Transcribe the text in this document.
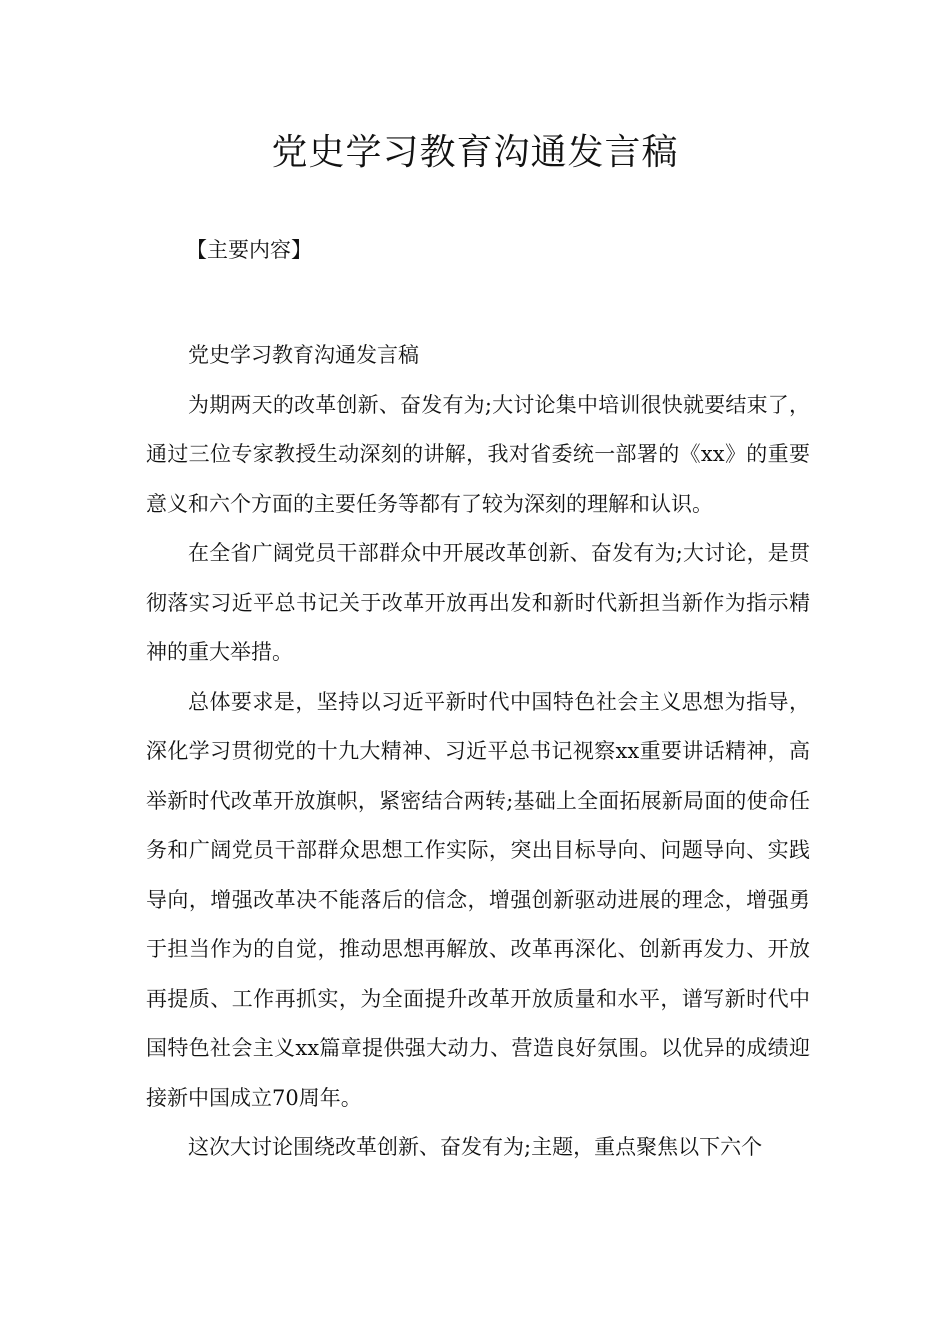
党史学习教育沟通发言稿

【主要内容】

党史学习教育沟通发言稿

为期两天的改革创新、奋发有为;大讨论集中培训很快就要结束了，通过三位专家教授生动深刻的讲解，我对省委统一部署的《xx》的重要意义和六个方面的主要任务等都有了较为深刻的理解和认识。

在全省广阔党员干部群众中开展改革创新、奋发有为;大讨论，是贯彻落实习近平总书记关于改革开放再出发和新时代新担当新作为指示精神的重大举措。

总体要求是，坚持以习近平新时代中国特色社会主义思想为指导，深化学习贯彻党的十九大精神、习近平总书记视察xx重要讲话精神，高举新时代改革开放旗帜，紧密结合两转;基础上全面拓展新局面的使命任务和广阔党员干部群众思想工作实际，突出目标导向、问题导向、实践导向，增强改革决不能落后的信念，增强创新驱动进展的理念，增强勇于担当作为的自觉，推动思想再解放、改革再深化、创新再发力、开放再提质、工作再抓实，为全面提升改革开放质量和水平，谱写新时代中国特色社会主义xx篇章提供强大动力、营造良好氛围。以优异的成绩迎接新中国成立70周年。

这次大讨论围绕改革创新、奋发有为;主题，重点聚焦以下六个
